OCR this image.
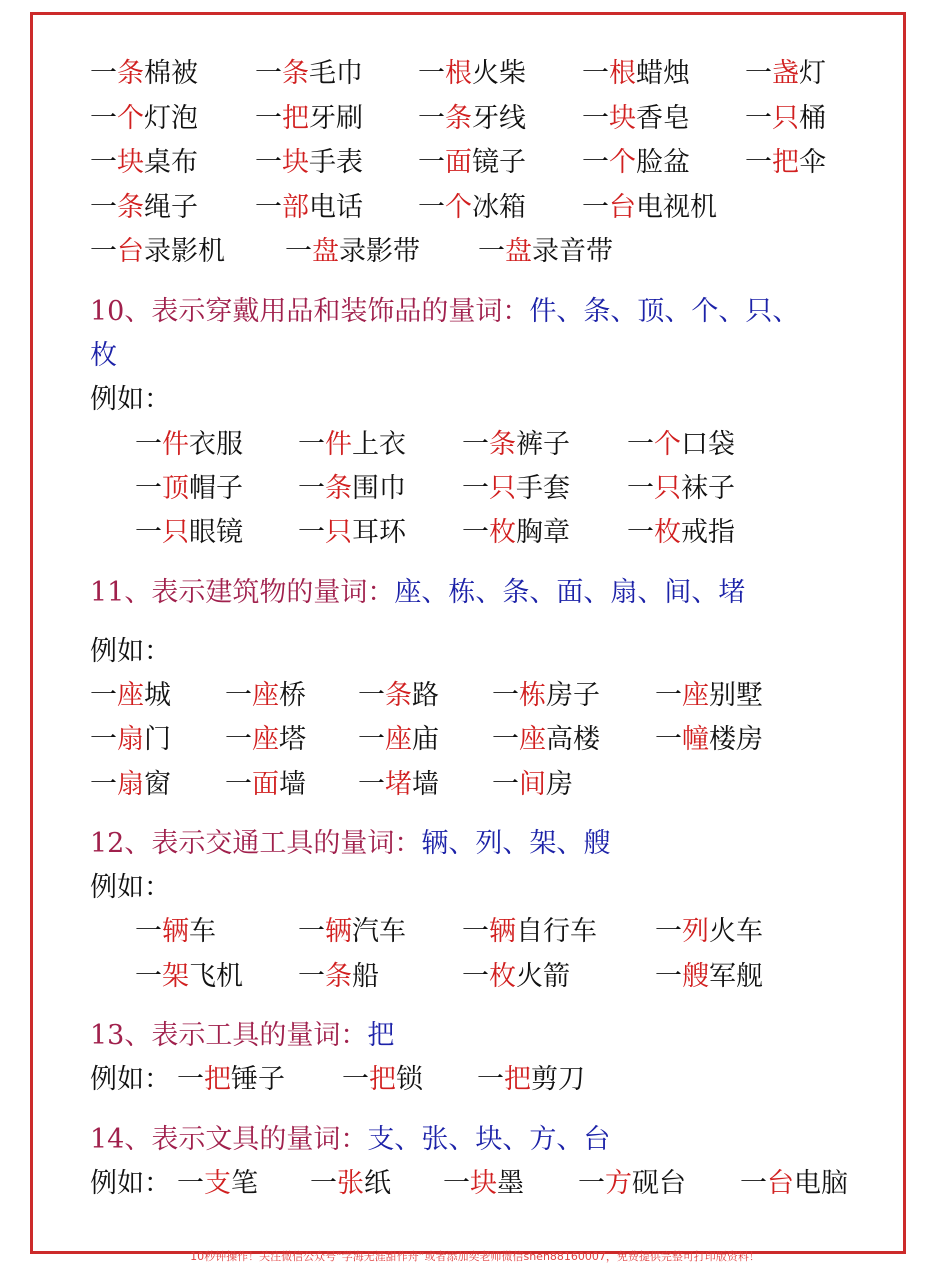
一条棉被 一条毛巾 一根火柴 一根蜡烛 一盏灯
一个灯泡 一把牙刷 一条牙线 一块香皂 一只桶
一块桌布 一块手表 一面镜子 一个脸盆 一把伞
一条绳子 一部电话 一个冰箱 一台电视机
一台录影机 一盘录影带 一盘录音带
10、表示穿戴用品和装饰品的量词：件、条、顶、个、只、
枚
例如：
一件衣服 一件上衣 一条裤子 一个口袋
一顶帽子 一条围巾 一只手套 一只袜子
一只眼镜 一只耳环 一枚胸章 一枚戒指
11、表示建筑物的量词：座、栋、条、面、扇、间、堵
例如：
一座城 一座桥 一条路 一栋房子 一座别墅
一扇门 一座塔 一座庙 一座高楼 一幢楼房
一扇窗 一面墙 一堵墙 一间房
12、表示交通工具的量词：辆、列、架、艘
例如：
一辆车	一辆汽车 一辆自行车 一列火车
一架飞机 一条船	一枚火箭	一艘军舰
13、表示工具的量词：把
例如： 一把锤子 一把锁 一把剪刀
14、表示文具的量词：支、张、块、方、台
例如： 一支笔 一张纸 一块墨 一方砚台 一台电脑
10秒钟操作！关注微信公众号“学海无涯甜作舟”或者添加奕老师微信shen88160007，免费提供完整可打印版资料！
